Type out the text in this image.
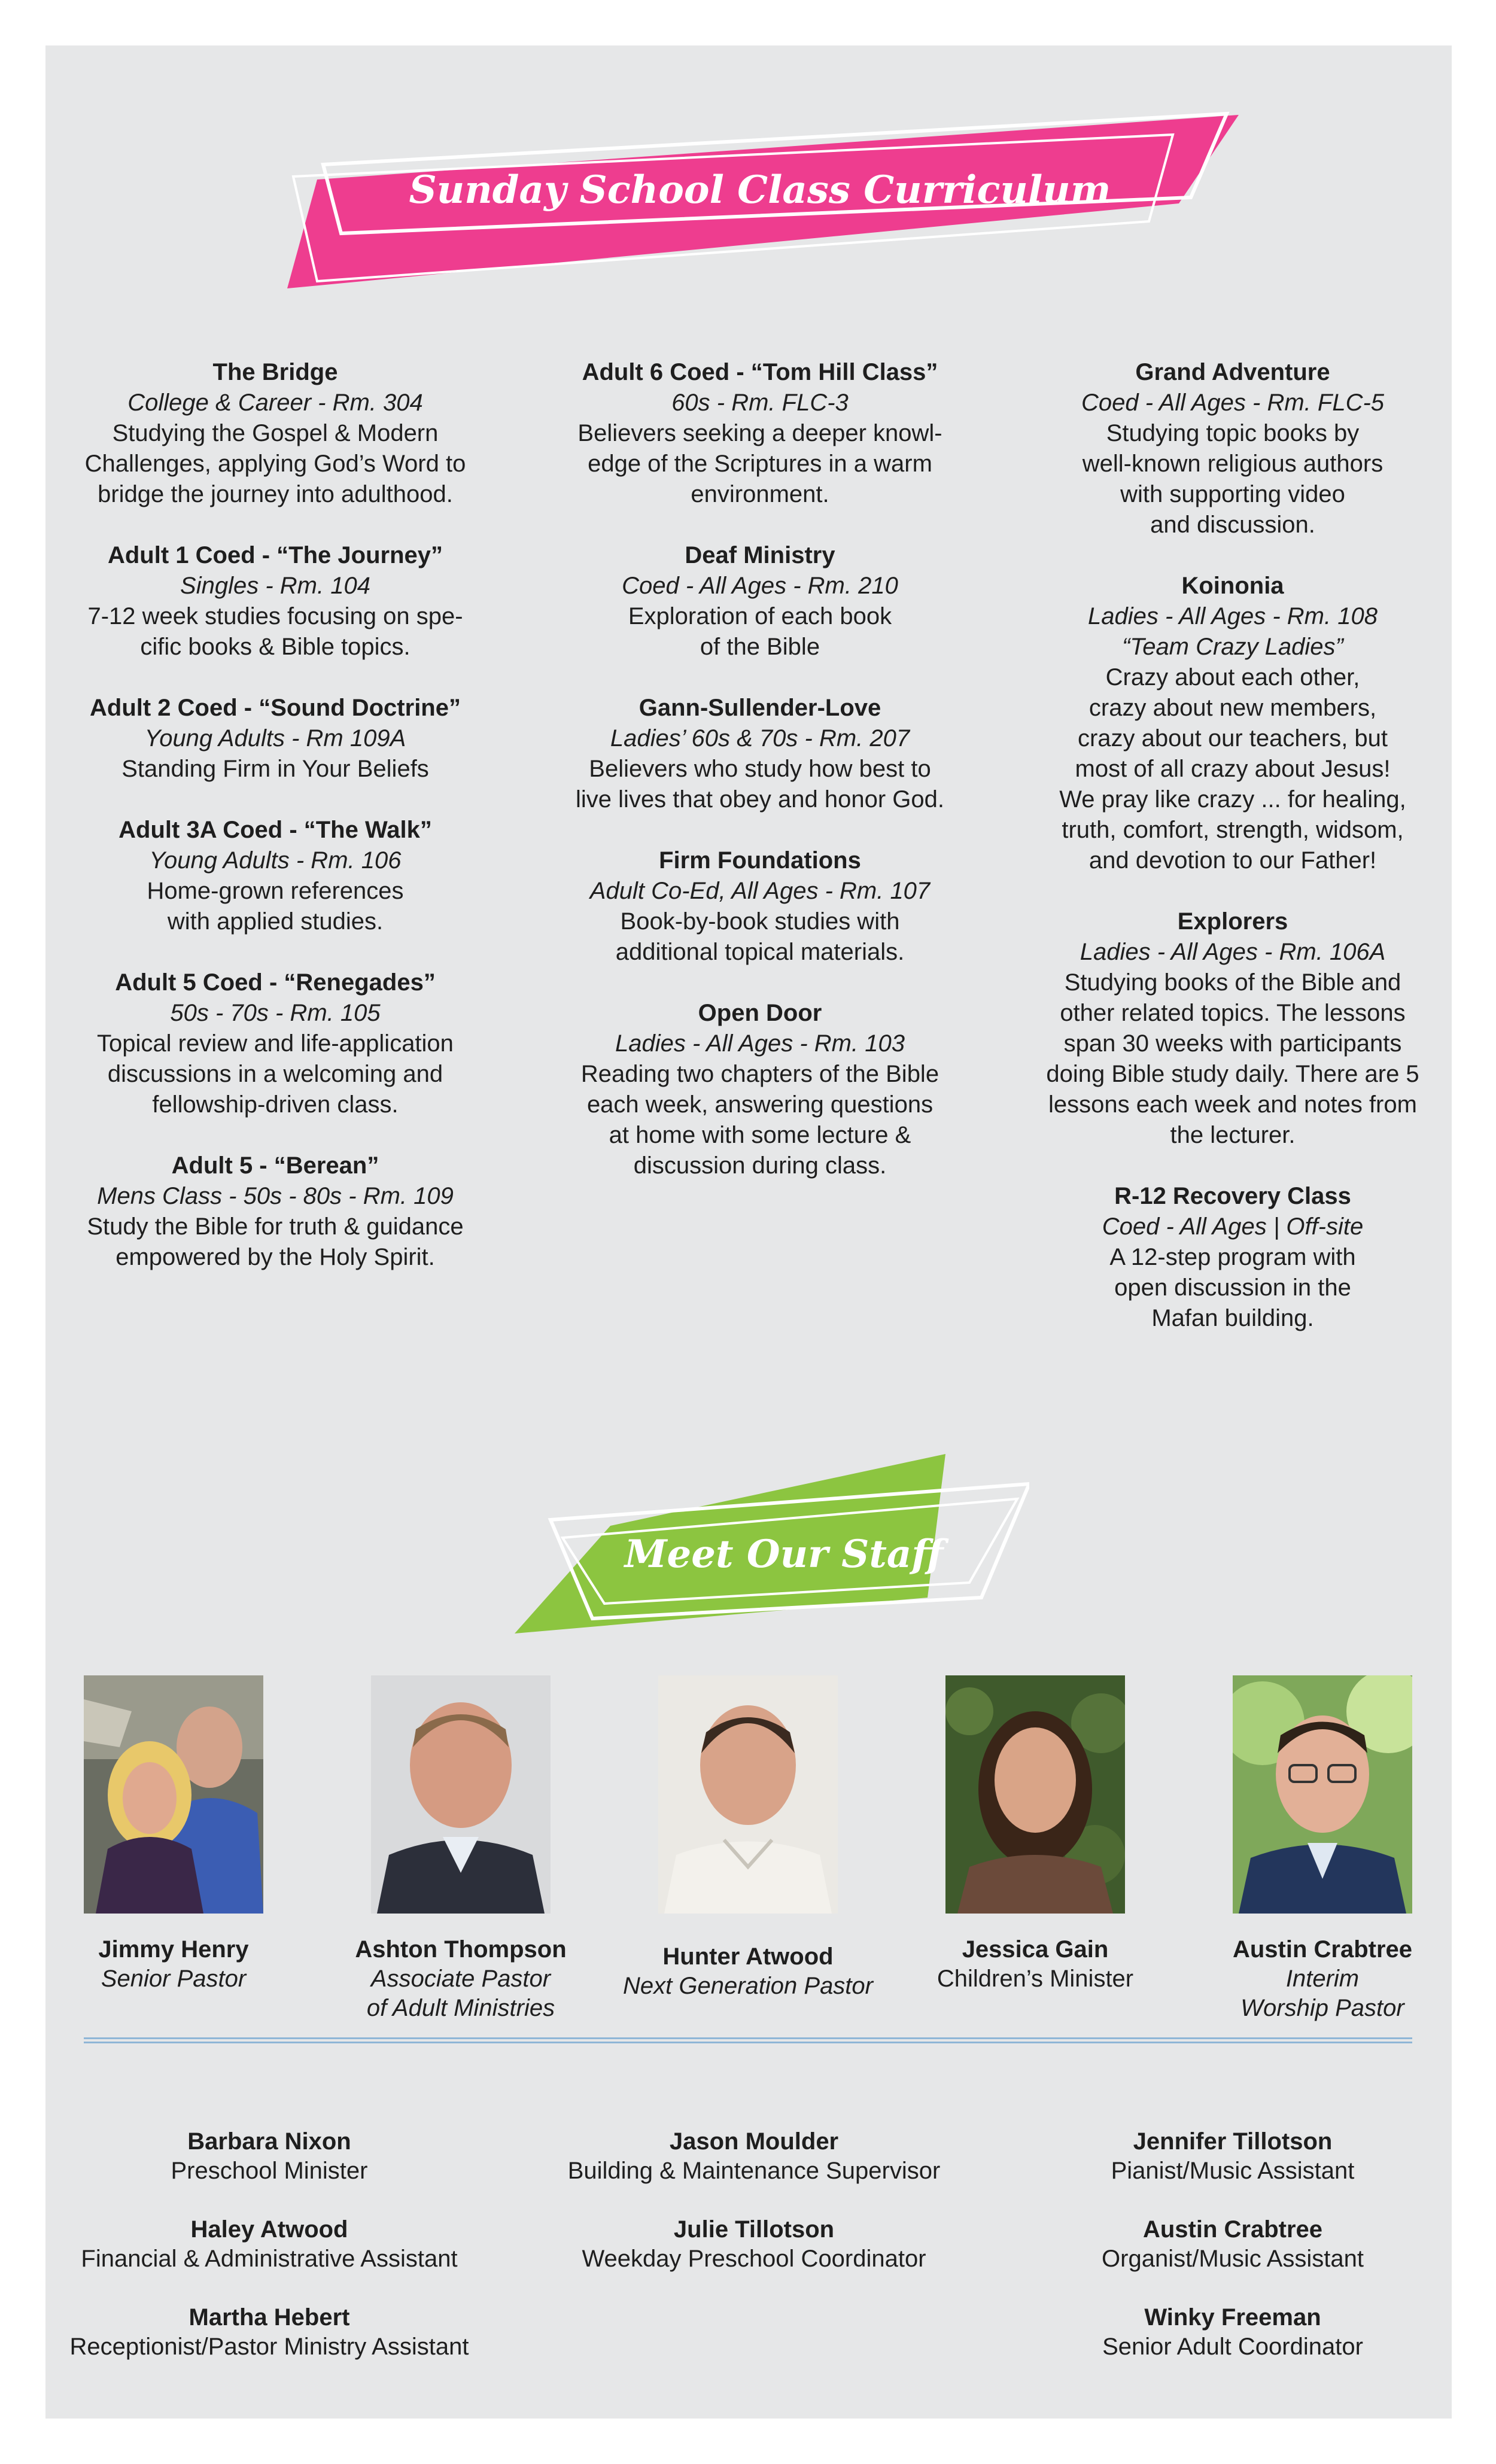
Sunday School Class Curriculum
The Bridge
College & Career - Rm. 304
Studying the Gospel & Modern
Challenges, applying God’s Word to
bridge the journey into adulthood.
Adult 1 Coed - “The Journey”
Singles - Rm. 104
7-12 week studies focusing on spe-
cific books & Bible topics.
Adult 2 Coed - “Sound Doctrine”
Young Adults - Rm 109A
Standing Firm in Your Beliefs
Adult 3A Coed - “The Walk”
Young Adults - Rm. 106
Home-grown references
with applied studies.
Adult 5 Coed - “Renegades”
50s - 70s - Rm. 105
Topical review and life-application
discussions in a welcoming and
fellowship-driven class.
Adult 5 - “Berean”
Mens Class - 50s - 80s - Rm. 109
Study the Bible for truth & guidance
empowered by the Holy Spirit.
Adult 6 Coed - “Tom Hill Class”
60s - Rm. FLC-3
Believers seeking a deeper knowl-
edge of the Scriptures in a warm
environment.
Deaf Ministry
Coed - All Ages - Rm. 210
Exploration of each book
of the Bible
Gann-Sullender-Love
Ladies’ 60s & 70s - Rm. 207
Believers who study how best to
live lives that obey and honor God.
Firm Foundations
Adult Co-Ed, All Ages - Rm. 107
Book-by-book studies with
additional topical materials.
Open Door
Ladies - All Ages - Rm. 103
Reading two chapters of the Bible
each week, answering questions
at home with some lecture &
discussion during class.
Grand Adventure
Coed - All Ages - Rm. FLC-5
Studying topic books by
well-known religious authors
with supporting video
and discussion.
Koinonia
Ladies - All Ages - Rm. 108
“Team Crazy Ladies”
Crazy about each other,
crazy about new members,
crazy about our teachers, but
most of all crazy about Jesus!
We pray like crazy ... for healing,
truth, comfort, strength, widsom,
and devotion to our Father!
Explorers
Ladies - All Ages - Rm. 106A
Studying books of the Bible and
other related topics. The lessons
span 30 weeks with participants
doing Bible study daily. There are 5
lessons each week and notes from
the lecturer.
R-12 Recovery Class
Coed - All Ages | Off-site
A 12-step program with
open discussion in the
Mafan building.
Meet Our Staff
Jimmy Henry
Senior Pastor
Ashton Thompson
Associate Pastor
of Adult Ministries
Hunter Atwood
Next Generation Pastor
Jessica Gain
Children’s Minister
Austin Crabtree
Interim
Worship Pastor
Barbara Nixon
Preschool Minister
Haley Atwood
Financial & Administrative Assistant
Martha Hebert
Receptionist/Pastor Ministry Assistant
Jason Moulder
Building & Maintenance Supervisor
Julie Tillotson
Weekday Preschool Coordinator
Jennifer Tillotson
Pianist/Music Assistant
Austin Crabtree
Organist/Music Assistant
Winky Freeman
Senior Adult Coordinator
